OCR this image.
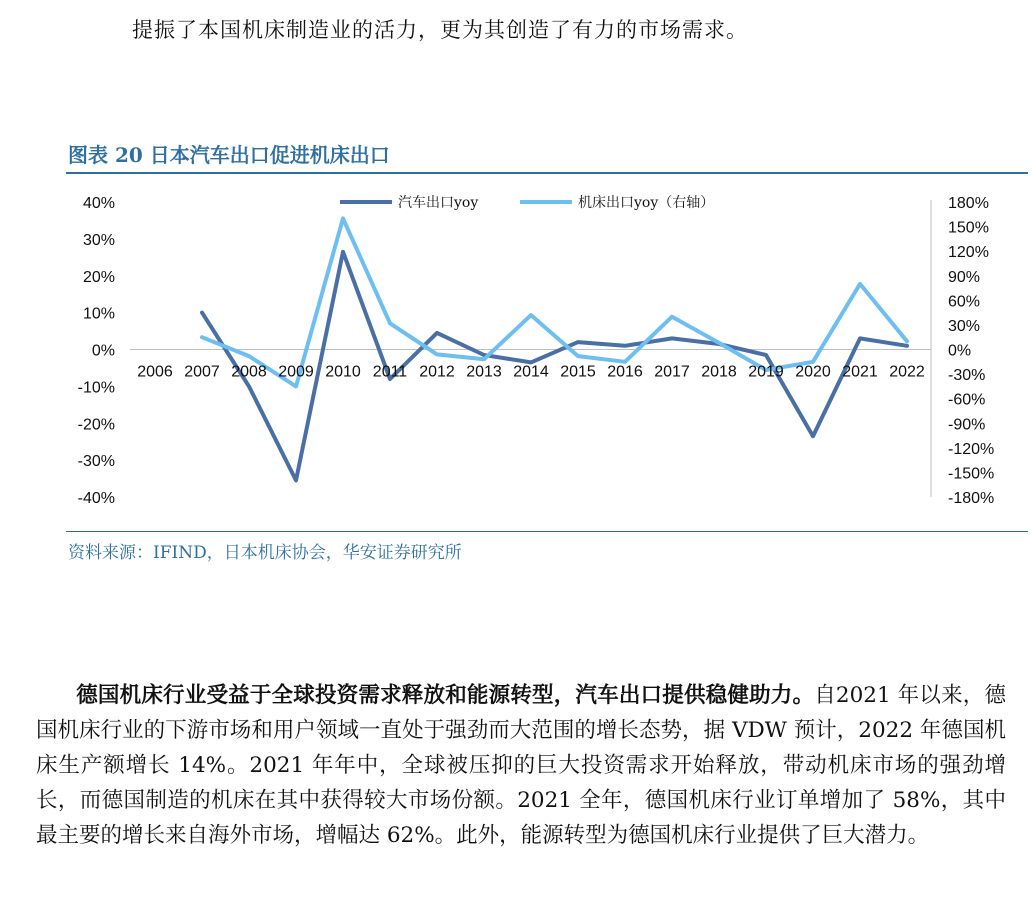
提振了本国机床制造业的活力，更为其创造了有力的市场需求。
图表 20 日本汽车出口促进机床出口
40%
30%
20%
10%
0%
-10%
-20%
-30%
-40%
180%
150%
120%
90%
60%
30%
0%
-30%
-60%
-90%
-120%
-150%
-180%
2006 2007 2008 2009 2010 2011 2012 2013 2014 2015 2016 2017 2018 2019 2020 2021 2022
汽车出口yoy	机床出口yoy（右轴）
资料来源：IFIND，日本机床协会，华安证券研究所
德国机床行业受益于全球投资需求释放和能源转型，汽车出口提供稳健助力。自2021 年以来，德国机床行业的下游市场和用户领域一直处于强劲而大范围的增长态势，据 VDW 预计，2022 年德国机床生产额增长 14%。2021 年年中，全球被压抑的巨大投资需求开始释放，带动机床市场的强劲增长，而德国制造的机床在其中获得较大市场份额。2021 全年，德国机床行业订单增加了 58%，其中最主要的增长来自海外市场，增幅达 62%。此外，能源转型为德国机床行业提供了巨大潜力。
